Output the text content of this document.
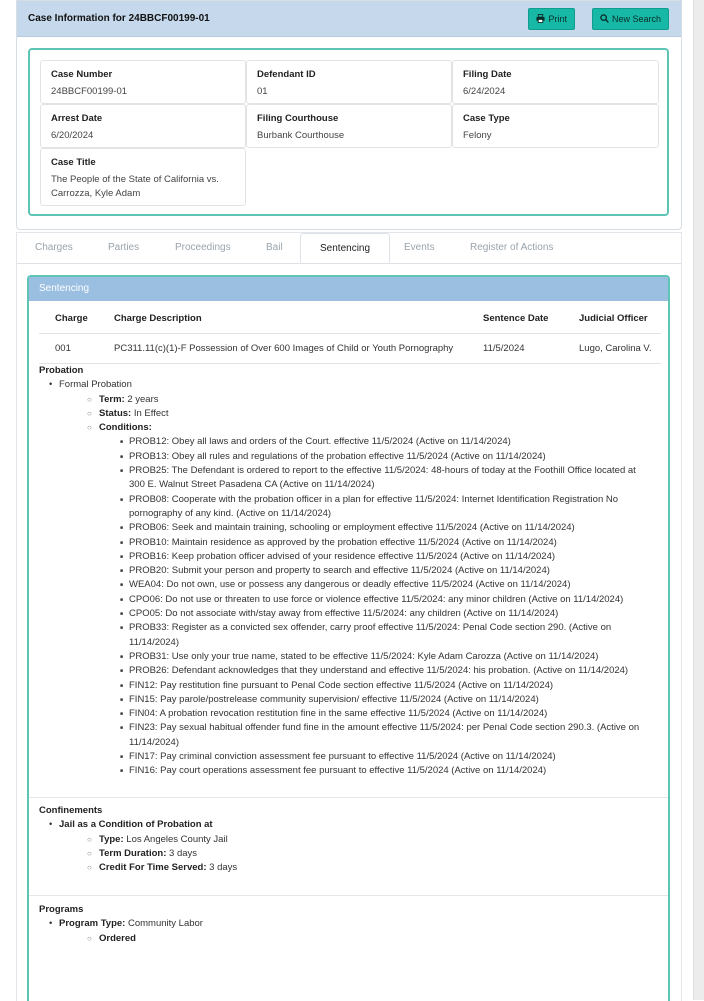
Case Information for 24BBCF00199-01	Print	New Search
Case Number
24BBCF00199-01
Defendant ID
01
Filing Date
6/24/2024
Arrest Date
6/20/2024
Filing Courthouse
Burbank Courthouse
Case Type
Felony
Case Title
The People of the State of California vs.
Carrozza, Kyle Adam
Charges	Parties	Proceedings	Bail	Sentencing	Events	Register of Actions
Sentencing
Charge	Charge Description	Sentence Date	Judicial Officer
001	PC311.11(c)(1)-F Possession of Over 600 Images of Child or Youth Pornography	11/5/2024	Lugo, Carolina V.
Probation
• Formal Probation
○ Term: 2 years
○ Status: In Effect
○ Conditions:
■ PROB12: Obey all laws and orders of the Court. effective 11/5/2024 (Active on 11/14/2024)
■ PROB13: Obey all rules and regulations of the probation effective 11/5/2024 (Active on 11/14/2024)
■ PROB25: The Defendant is ordered to report to the effective 11/5/2024: 48-hours of today at the Foothill Office located at 300 E. Walnut Street Pasadena CA (Active on 11/14/2024)
■ PROB08: Cooperate with the probation officer in a plan for effective 11/5/2024: Internet Identification Registration No pornography of any kind. (Active on 11/14/2024)
■ PROB06: Seek and maintain training, schooling or employment effective 11/5/2024 (Active on 11/14/2024)
■ PROB10: Maintain residence as approved by the probation effective 11/5/2024 (Active on 11/14/2024)
■ PROB16: Keep probation officer advised of your residence effective 11/5/2024 (Active on 11/14/2024)
■ PROB20: Submit your person and property to search and effective 11/5/2024 (Active on 11/14/2024)
■ WEA04: Do not own, use or possess any dangerous or deadly effective 11/5/2024 (Active on 11/14/2024)
■ CPO06: Do not use or threaten to use force or violence effective 11/5/2024: any minor children (Active on 11/14/2024)
■ CPO05: Do not associate with/stay away from effective 11/5/2024: any children (Active on 11/14/2024)
■ PROB33: Register as a convicted sex offender, carry proof effective 11/5/2024: Penal Code section 290. (Active on 11/14/2024)
■ PROB31: Use only your true name, stated to be effective 11/5/2024: Kyle Adam Carozza (Active on 11/14/2024)
■ PROB26: Defendant acknowledges that they understand and effective 11/5/2024: his probation. (Active on 11/14/2024)
■ FIN12: Pay restitution fine pursuant to Penal Code section effective 11/5/2024 (Active on 11/14/2024)
■ FIN15: Pay parole/postrelease community supervision/ effective 11/5/2024 (Active on 11/14/2024)
■ FIN04: A probation revocation restitution fine in the same effective 11/5/2024 (Active on 11/14/2024)
■ FIN23: Pay sexual habitual offender fund fine in the amount effective 11/5/2024: per Penal Code section 290.3. (Active on 11/14/2024)
■ FIN17: Pay criminal conviction assessment fee pursuant to effective 11/5/2024 (Active on 11/14/2024)
■ FIN16: Pay court operations assessment fee pursuant to effective 11/5/2024 (Active on 11/14/2024)
Confinements
• Jail as a Condition of Probation at
○ Type: Los Angeles County Jail
○ Term Duration: 3 days
○ Credit For Time Served: 3 days
Programs
• Program Type: Community Labor
○ Ordered
